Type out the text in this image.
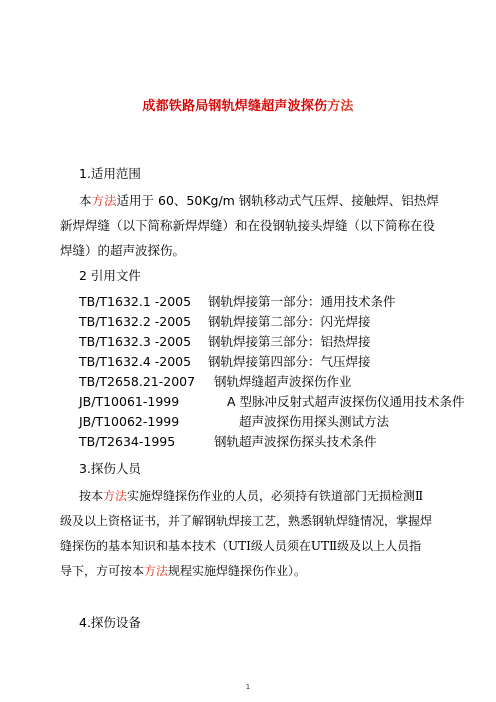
成都铁路局钢轨焊缝超声波探伤方法
1.适用范围
本方法适用于 60、50Kg/m 钢轨移动式气压焊、接触焊、铝热焊
新焊焊缝（以下简称新焊焊缝）和在役钢轨接头焊缝（以下简称在役
焊缝）的超声波探伤。
2 引用文件
TB/T1632.1 -2005 钢轨焊接第一部分：通用技术条件
TB/T1632.2 -2005 钢轨焊接第二部分：闪光焊接
TB/T1632.3 -2005 钢轨焊接第三部分：铝热焊接
TB/T1632.4 -2005 钢轨焊接第四部分：气压焊接
TB/T2658.21-2007 钢轨焊缝超声波探伤作业
JB/T10061-1999	A 型脉冲反射式超声波探伤仪通用技术条件
JB/T10062-1999	超声波探伤用探头测试方法
TB/T2634-1995	钢轨超声波探伤探头技术条件
3.探伤人员
按本方法实施焊缝探伤作业的人员，必须持有铁道部门无损检测Ⅱ
级及以上资格证书，并了解钢轨焊接工艺，熟悉钢轨焊缝情况，掌握焊
缝探伤的基本知识和基本技术（UTⅠ级人员须在UTⅡ级及以上人员指
导下，方可按本方法规程实施焊缝探伤作业）。
4.探伤设备
1
